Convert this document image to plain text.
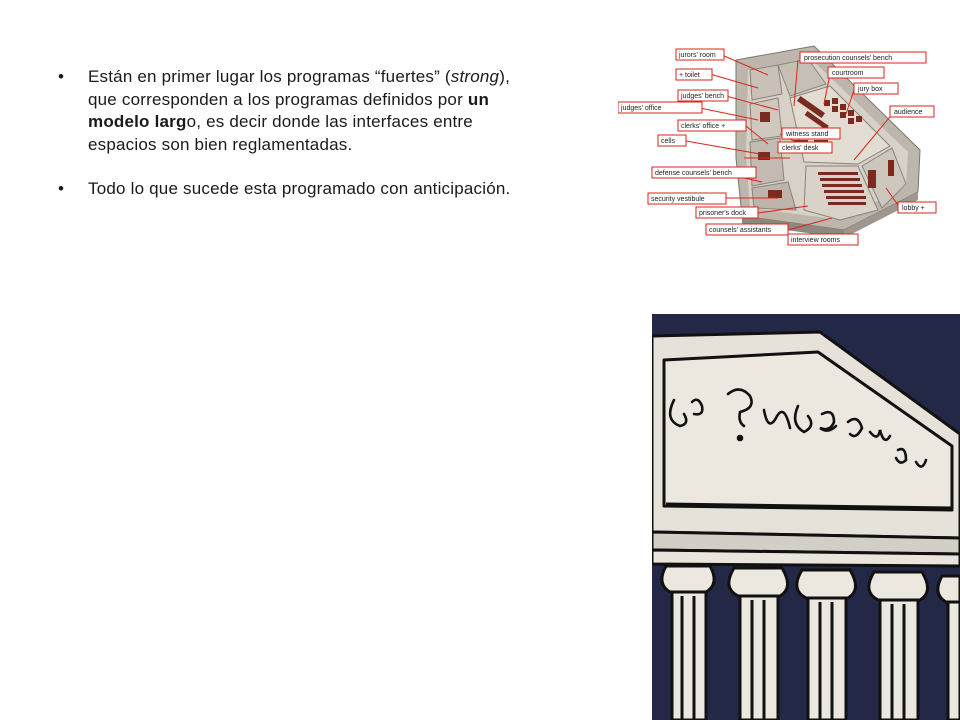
• Están en primer lugar los programas “fuertes” (strong), que corresponden a los programas definidos por un modelo largo, es decir donde las interfaces entre espacios son bien reglamentadas.
• Todo lo que sucede esta programado con anticipación.
jurors' room
+ toilet
judges' bench
judges' office
clerks' office +
cells
defense counsels' bench
security vestibule
prisoner's dock
counsels' assistants
interview rooms
prosecution counsels' bench
courtroom
jury box
audience
witness stand
clerks' desk
lobby +
